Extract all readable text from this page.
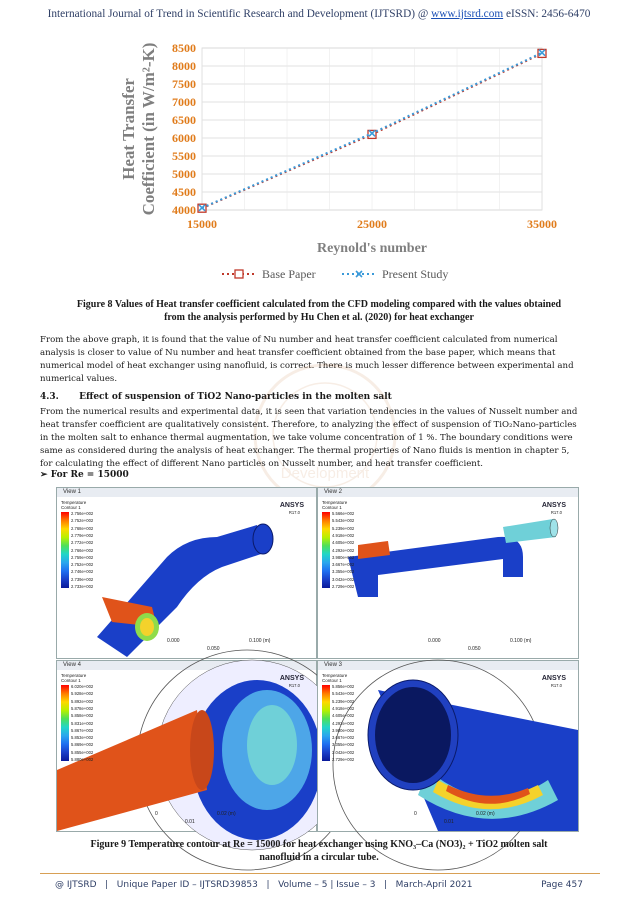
International Journal of Trend in Scientific Research and Development (IJTSRD) @ www.ijtsrd.com eISSN: 2456-6470
4000
4500
5000
5500
6000
6500
7000
7500
8000
8500
15000	25000	35000
Reynold's number
Heat Transfer Coefficient (in W/m²-K)
Base Paper	Present Study
Figure 8 Values of Heat transfer coefficient calculated from the CFD modeling compared with the values obtained
from the analysis performed by Hu Chen et al. (2020) for heat exchanger
From the above graph, it is found that the value of Nu number and heat transfer coefficient calculated from numerical
analysis is closer to value of Nu number and heat transfer coefficient obtained from the base paper, which means that
numerical model of heat exchanger using nanofluid, is correct. There is much lesser difference between experimental and
numerical values.
4.3. Effect of suspension of TiO2 Nano-particles in the molten salt
Development
From the numerical results and experimental data, it is seen that variation tendencies in the values of Nusselt number and
heat transfer coefficient are qualitatively consistent. Therefore, to analyzing the effect of suspension of TiO₂Nano-particles
in the molten salt to enhance thermal augmentation, we take volume concentration of 1 %. The boundary conditions were
same as considered during the analysis of heat exchanger. The thermal properties of Nano fluids is mention in chapter 5,
for calculating the effect of different Nano particles on Nusselt number, and heat transfer coefficient.
➢ For Re = 15000
View 1
ANSYS
R17.0
Temperature
Contour 1
2.756e+002
2.752e+002
2.768e+002
2.779e+002
2.772e+002
2.766e+002
2.759e+002
2.752e+002
2.746e+002
2.739e+002
2.733e+002
0.000
0.050
0.100 (m)
View 2
ANSYS
R17.0
Temperature
Contour 1
5.566e+002
5.543e+002
5.239e+002
4.918e+002
4.605e+002
4.292e+002
3.980e+002
3.667e+002
3.355e+002
3.042e+002
2.729e+002
0.000
0.050
0.100 (m)
View 4
ANSYS
R17.0
Temperature
Contour 1
6.020e+002
5.928e+002
5.892e+002
5.878e+002
5.858e+002
5.831e+002
5.867e+002
5.853e+002
5.869e+002
5.855e+002
5.880e+002
0
0.01
0.02 (m)
View 3
ANSYS
R17.0
Temperature
Contour 1
5.856e+002
5.543e+002
5.239e+002
4.918e+002
4.605e+002
4.292e+002
3.980e+002
3.667e+002
3.355e+002
3.042e+002
2.729e+002
0
0.01
0.02 (m)
Figure 9 Temperature contour at Re = 15000 for heat exchanger using KNO₃–Ca (NO3)₂ + TiO2 molten salt
nanofluid in a circular tube.
@ IJTSRD   |   Unique Paper ID – IJTSRD39853   |   Volume – 5 | Issue – 3   |   March-April 2021                        Page 457
